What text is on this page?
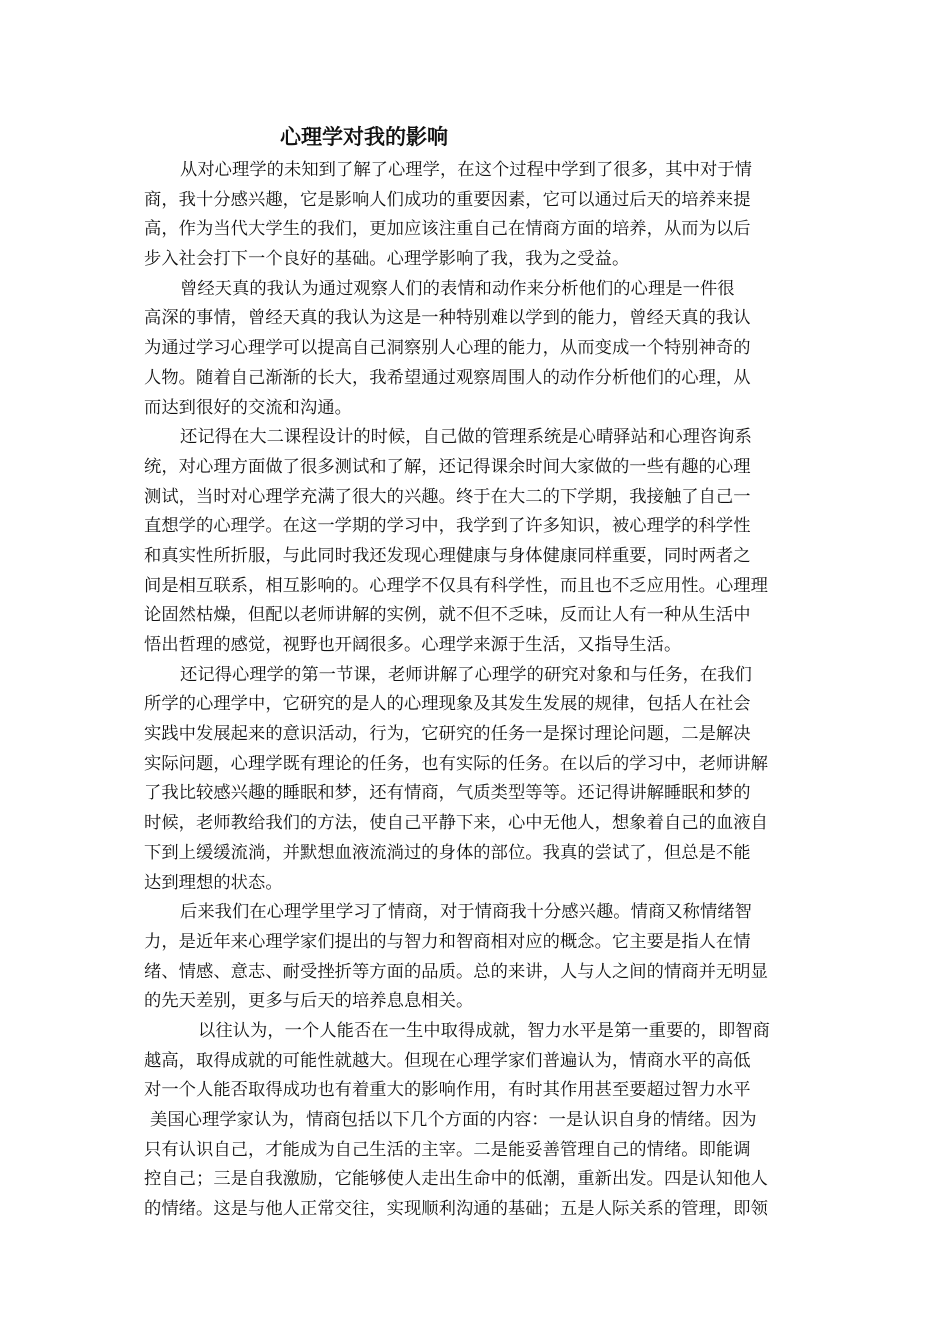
心理学对我的影响
从对心理学的未知到了解了心理学，在这个过程中学到了很多，其中对于情
商，我十分感兴趣，它是影响人们成功的重要因素，它可以通过后天的培养来提
高，作为当代大学生的我们，更加应该注重自己在情商方面的培养，从而为以后
步入社会打下一个良好的基础。心理学影响了我，我为之受益。
曾经天真的我认为通过观察人们的表情和动作来分析他们的心理是一件很
高深的事情，曾经天真的我认为这是一种特别难以学到的能力，曾经天真的我认
为通过学习心理学可以提高自己洞察别人心理的能力，从而变成一个特别神奇的
人物。随着自己渐渐的长大，我希望通过观察周围人的动作分析他们的心理，从
而达到很好的交流和沟通。
还记得在大二课程设计的时候，自己做的管理系统是心晴驿站和心理咨询系
统，对心理方面做了很多测试和了解，还记得课余时间大家做的一些有趣的心理
测试，当时对心理学充满了很大的兴趣。终于在大二的下学期，我接触了自己一
直想学的心理学。在这一学期的学习中，我学到了许多知识，被心理学的科学性
和真实性所折服，与此同时我还发现心理健康与身体健康同样重要，同时两者之
间是相互联系，相互影响的。心理学不仅具有科学性，而且也不乏应用性。心理理
论固然枯燥，但配以老师讲解的实例，就不但不乏味，反而让人有一种从生活中
悟出哲理的感觉，视野也开阔很多。心理学来源于生活，又指导生活。
还记得心理学的第一节课，老师讲解了心理学的研究对象和与任务，在我们
所学的心理学中，它研究的是人的心理现象及其发生发展的规律，包括人在社会
实践中发展起来的意识活动，行为，它研究的任务一是探讨理论问题，二是解决
实际问题，心理学既有理论的任务，也有实际的任务。在以后的学习中，老师讲解
了我比较感兴趣的睡眠和梦，还有情商，气质类型等等。还记得讲解睡眠和梦的
时候，老师教给我们的方法，使自己平静下来，心中无他人，想象着自己的血液自
下到上缓缓流淌，并默想血液流淌过的身体的部位。我真的尝试了，但总是不能
达到理想的状态。
后来我们在心理学里学习了情商，对于情商我十分感兴趣。情商又称情绪智
力，是近年来心理学家们提出的与智力和智商相对应的概念。它主要是指人在情
绪、情感、意志、耐受挫折等方面的品质。总的来讲，人与人之间的情商并无明显
的先天差别，更多与后天的培养息息相关。
以往认为，一个人能否在一生中取得成就，智力水平是第一重要的，即智商
越高，取得成就的可能性就越大。但现在心理学家们普遍认为，情商水平的高低
对一个人能否取得成功也有着重大的影响作用，有时其作用甚至要超过智力水平
美国心理学家认为，情商包括以下几个方面的内容：一是认识自身的情绪。因为
只有认识自己，才能成为自己生活的主宰。二是能妥善管理自己的情绪。即能调
控自己；三是自我激励，它能够使人走出生命中的低潮，重新出发。四是认知他人
的情绪。这是与他人正常交往，实现顺利沟通的基础；五是人际关系的管理，即领
